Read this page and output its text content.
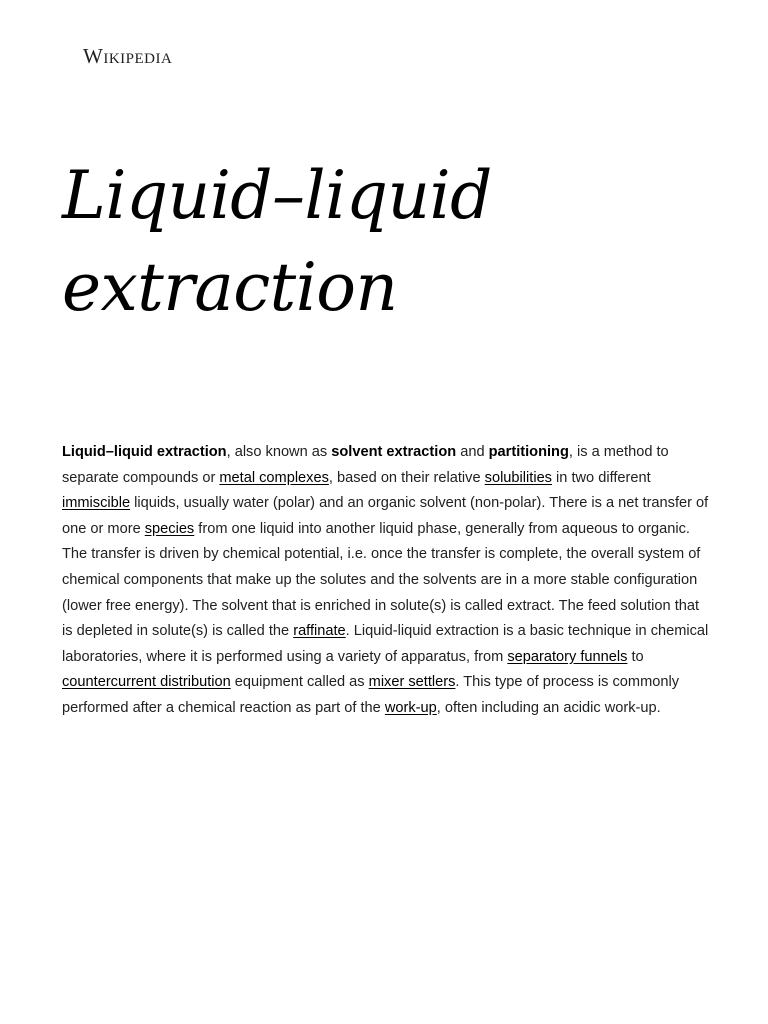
Wikipedia
Liquid–liquid
extraction

Liquid–liquid extraction, also known as solvent extraction and partitioning, is a method to separate compounds or metal complexes, based on their relative solubilities in two different immiscible liquids, usually water (polar) and an organic solvent (non-polar). There is a net transfer of one or more species from one liquid into another liquid phase, generally from aqueous to organic. The transfer is driven by chemical potential, i.e. once the transfer is complete, the overall system of chemical components that make up the solutes and the solvents are in a more stable configuration (lower free energy). The solvent that is enriched in solute(s) is called extract. The feed solution that is depleted in solute(s) is called the raffinate. Liquid-liquid extraction is a basic technique in chemical laboratories, where it is performed using a variety of apparatus, from separatory funnels to countercurrent distribution equipment called as mixer settlers. This type of process is commonly performed after a chemical reaction as part of the work-up, often including an acidic work-up.
